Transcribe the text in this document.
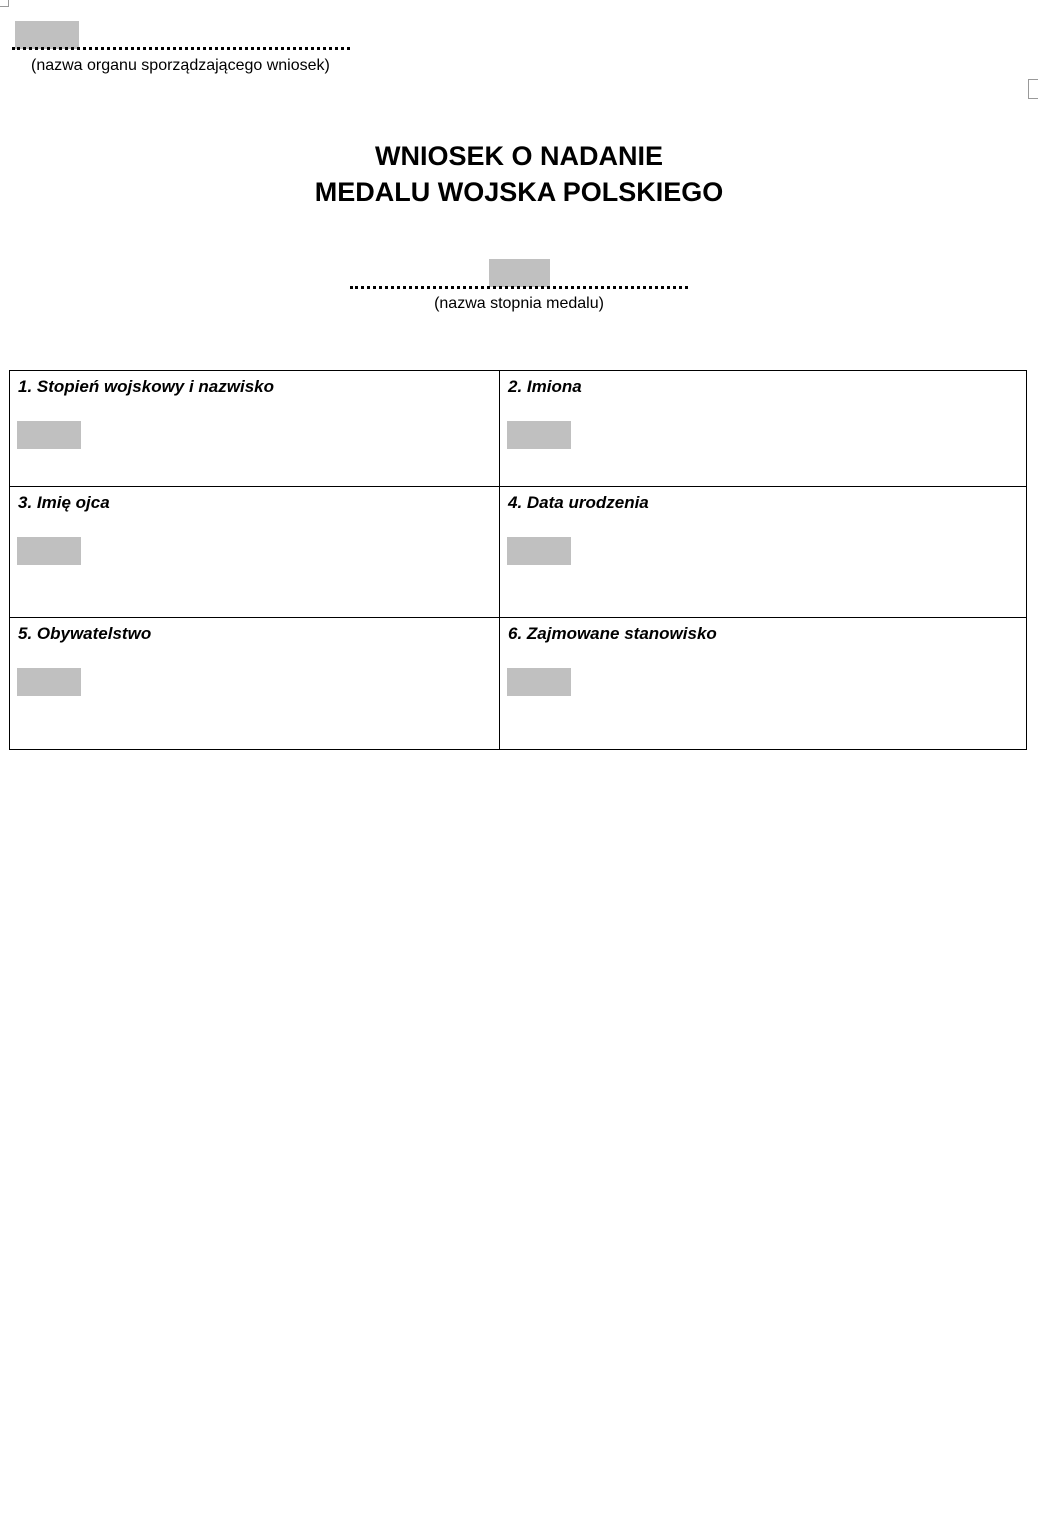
(nazwa organu sporządzającego wniosek)
WNIOSEK O NADANIE
MEDALU WOJSKA POLSKIEGO
(nazwa stopnia medalu)
1. Stopień wojskowy i nazwisko	2. Imiona

3. Imię ojca	4. Data urodzenia

5. Obywatelstwo	6. Zajmowane stanowisko
